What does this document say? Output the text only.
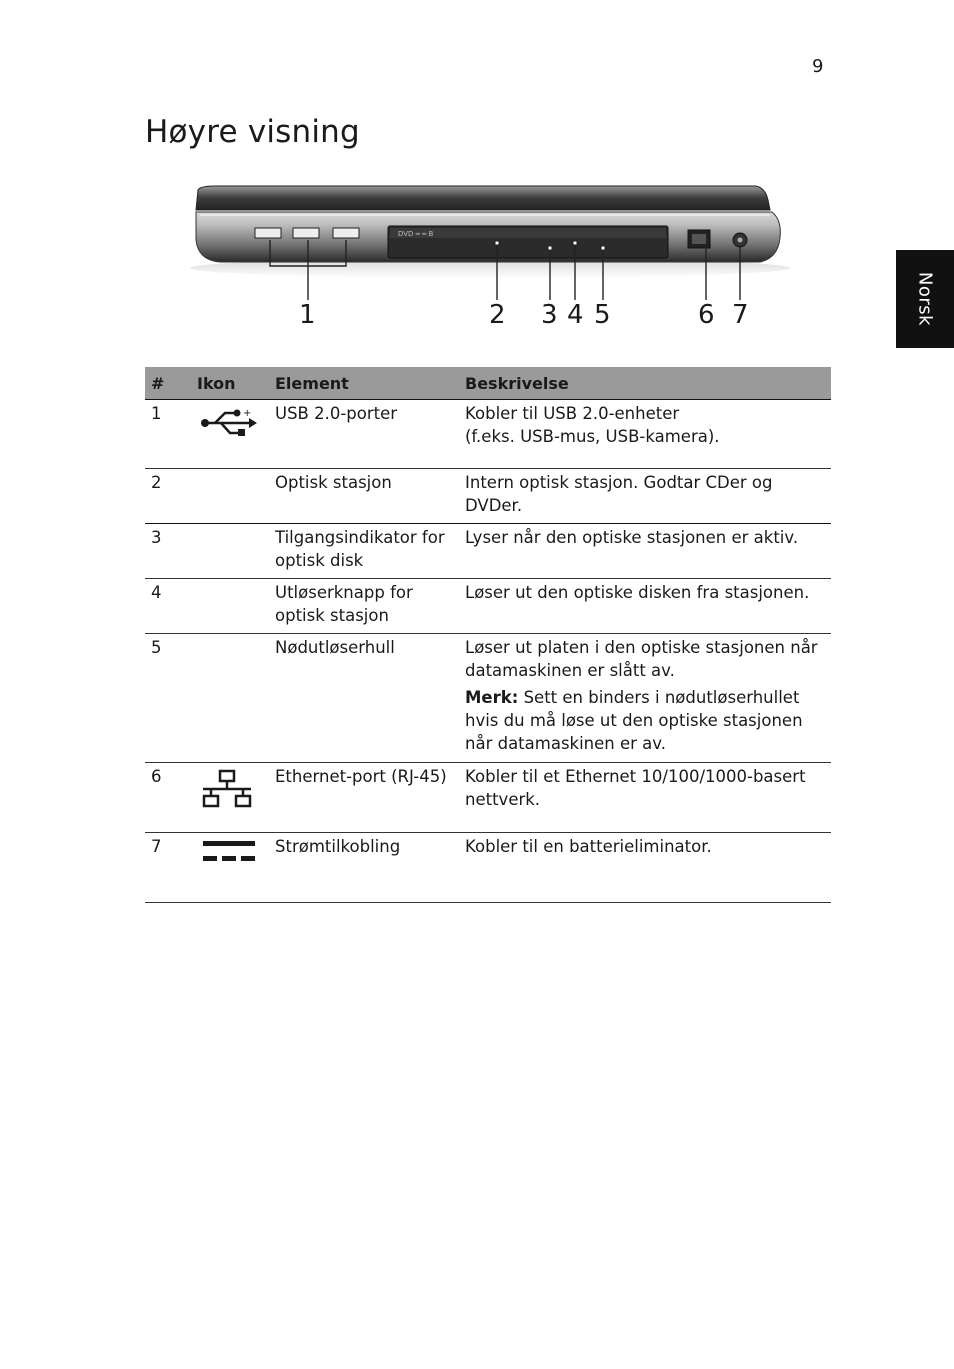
9
Høyre visning
Norsk
DVD ═ ═ B
1	2 3 4 5	6 7
#	Ikon	Element	Beskrivelse
1	+	USB 2.0-porter	Kobler til USB 2.0-enheter
(f.eks. USB-mus, USB-kamera).

2		Optisk stasjon	Intern optisk stasjon. Godtar CDer og DVDer.
3		Tilgangsindikator for optisk disk	Lyser når den optiske stasjonen er aktiv.
4		Utløserknapp for optisk stasjon	Løser ut den optiske disken fra stasjonen.
5		Nødutløserhull	Løser ut platen i den optiske stasjonen når datamaskinen er slått av.

Merk: Sett en binders i nødutløserhullet hvis du må løse ut den optiske stasjonen når datamaskinen er av.

6		Ethernet-port (RJ-45)	Kobler til et Ethernet 10/100/1000-basert nettverk.
7		Strømtilkobling	Kobler til en batterieliminator.
